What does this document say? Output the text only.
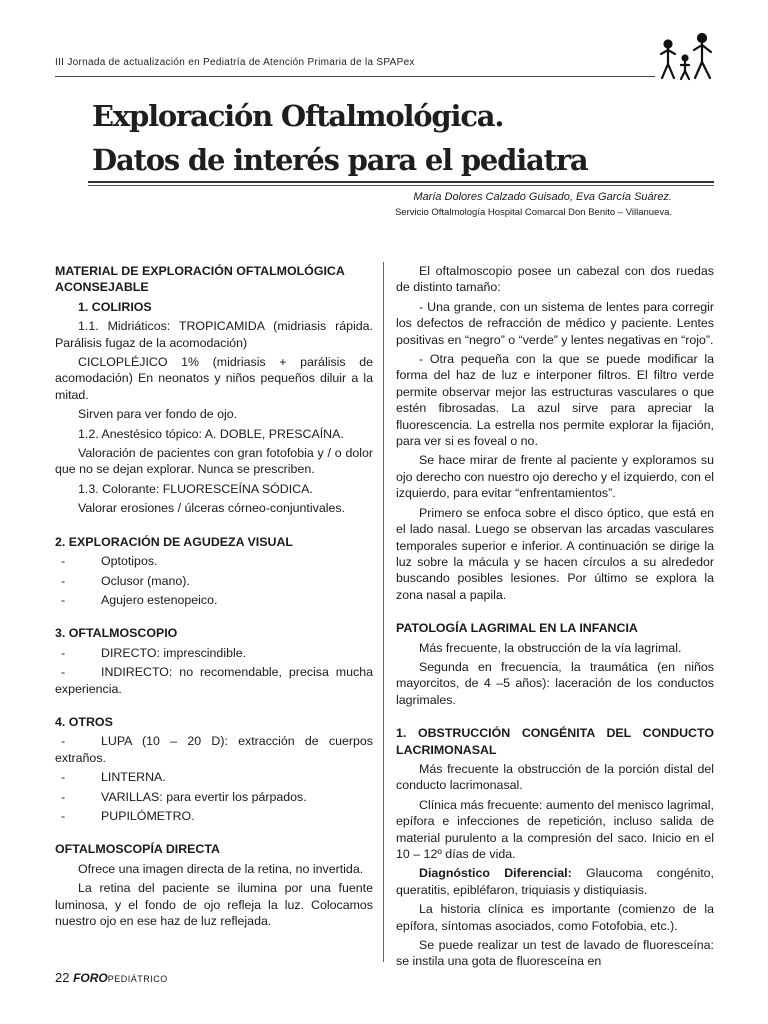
III Jornada de actualización en Pediatría de Atención Primaria de la SPAPex
Exploración Oftalmológica.
Datos de interés para el pediatra
María Dolores Calzado Guisado, Eva García Suárez.
Servicio Oftalmología Hospital Comarcal Don Benito – Villanueva.

MATERIAL DE EXPLORACIÓN OFTALMOLÓGICA ACONSEJABLE

1. COLIRIOS

1.1. Midriáticos: TROPICAMIDA (midriasis rápida. Parálisis fugaz de la acomodación)

CICLOPLÉJICO 1% (midriasis + parálisis de acomodación) En neonatos y niños pequeños diluir a la mitad.

Sirven para ver fondo de ojo.

1.2. Anestésico tópico: A. DOBLE, PRESCAÍNA.

Valoración de pacientes con gran fotofobia y / o dolor que no se dejan explorar. Nunca se prescriben.

1.3. Colorante: FLUORESCEÍNA SÓDICA.

Valorar erosiones / úlceras córneo-conjuntivales.

2. EXPLORACIÓN DE AGUDEZA VISUAL

-	Optotipos.

-	Oclusor (mano).

-	Agujero estenopeico.

3. OFTALMOSCOPIO

-	DIRECTO: imprescindible.

-	INDIRECTO: no recomendable, precisa mucha experiencia.

4. OTROS

-	LUPA (10 – 20 D): extracción de cuerpos extraños.

-	LINTERNA.

-	VARILLAS: para evertir los párpados.

-	PUPILÓMETRO.

OFTALMOSCOPÍA DIRECTA

Ofrece una imagen directa de la retina, no invertida.

La retina del paciente se ilumina por una fuente luminosa, y el fondo de ojo refleja la luz. Colocamos nuestro ojo en ese haz de luz reflejada.

El oftalmoscopio posee un cabezal con dos ruedas de distinto tamaño:

- Una grande, con un sistema de lentes para corregir los defectos de refracción de médico y paciente. Lentes positivas en “negro” o “verde” y lentes negativas en “rojo”.

- Otra pequeña con la que se puede modificar la forma del haz de luz e interponer filtros. El filtro verde permite observar mejor las estructuras vasculares o que estén fibrosadas. La azul sirve para apreciar la fluorescencia. La estrella nos permite explorar la fijación, para ver si es foveal o no.

Se hace mirar de frente al paciente y exploramos su ojo derecho con nuestro ojo derecho y el izquierdo, con el izquierdo, para evitar “enfrentamientos”.

Primero se enfoca sobre el disco óptico, que está en el lado nasal. Luego se observan las arcadas vasculares temporales superior e inferior. A continuación se dirige la luz sobre la mácula y se hacen círculos a su alrededor buscando posibles lesiones. Por último se explora la zona nasal a papila.

PATOLOGÍA LAGRIMAL EN LA INFANCIA

Más frecuente, la obstrucción de la vía lagrimal.

Segunda en frecuencia, la traumática (en niños mayorcitos, de 4 –5 años): laceración de los conductos lagrimales.

1. OBSTRUCCIÓN CONGÉNITA DEL CONDUCTO LACRIMONASAL

Más frecuente la obstrucción de la porción distal del conducto lacrimonasal.

Clínica más frecuente: aumento del menisco lagrimal, epífora e infecciones de repetición, incluso salida de material purulento a la compresión del saco. Inicio en el 10 – 12º días de vida.

Diagnóstico Diferencial: Glaucoma congénito, queratitis, epibléfaron, triquiasis y distiquiasis.

La historia clínica es importante (comienzo de la epífora, síntomas asociados, como Fotofobia, etc.).

Se puede realizar un test de lavado de fluoresceína: se instila una gota de fluoresceína en

22 FOROPEDIÁTRICO
